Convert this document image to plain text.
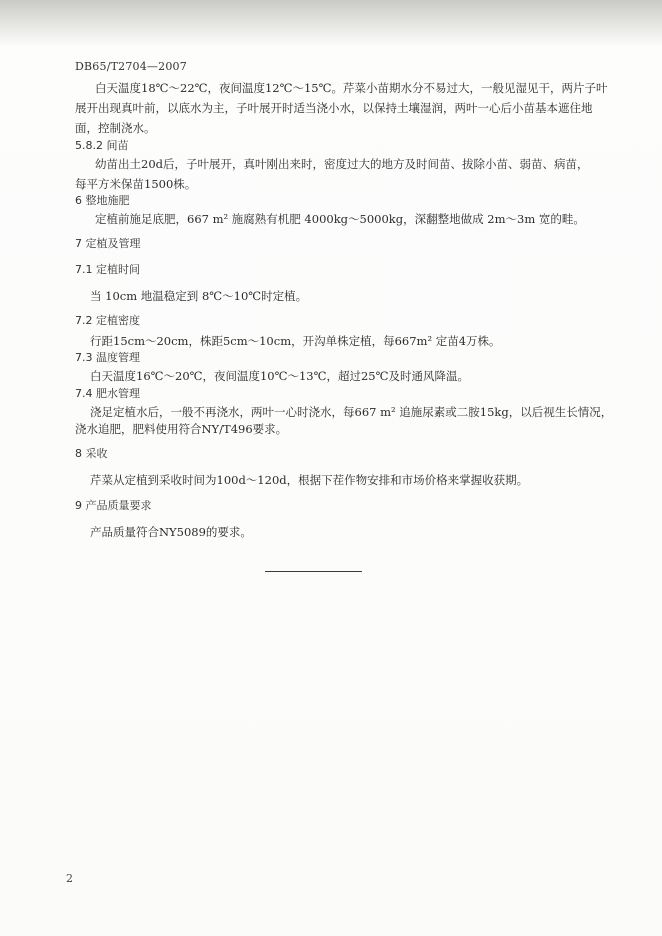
DB65/T2704—2007
白天温度18℃～22℃，夜间温度12℃～15℃。芹菜小苗期水分不易过大，一般见湿见干，两片子叶
展开出现真叶前，以底水为主，子叶展开时适当浇小水，以保持土壤湿润，两叶一心后小苗基本遮住地
面，控制浇水。
5.8.2 间苗
幼苗出土20d后，子叶展开，真叶刚出来时，密度过大的地方及时间苗、拔除小苗、弱苗、病苗，
每平方米保苗1500株。
6 整地施肥
定植前施足底肥，667 m² 施腐熟有机肥 4000kg～5000kg，深翻整地做成 2m～3m 宽的畦。
7 定植及管理
7.1 定植时间
当 10cm 地温稳定到 8℃～10℃时定植。
7.2 定植密度
行距15cm～20cm，株距5cm～10cm，开沟单株定植，每667m² 定苗4万株。
7.3 温度管理
白天温度16℃～20℃，夜间温度10℃～13℃，超过25℃及时通风降温。
7.4 肥水管理
浇足定植水后，一般不再浇水，两叶一心时浇水，每667 m² 追施尿素或二胺15kg，以后视生长情况，
浇水追肥，肥料使用符合NY/T496要求。
8 采收
芹菜从定植到采收时间为100d～120d，根据下茬作物安排和市场价格来掌握收获期。
9 产品质量要求
产品质量符合NY5089的要求。
2
